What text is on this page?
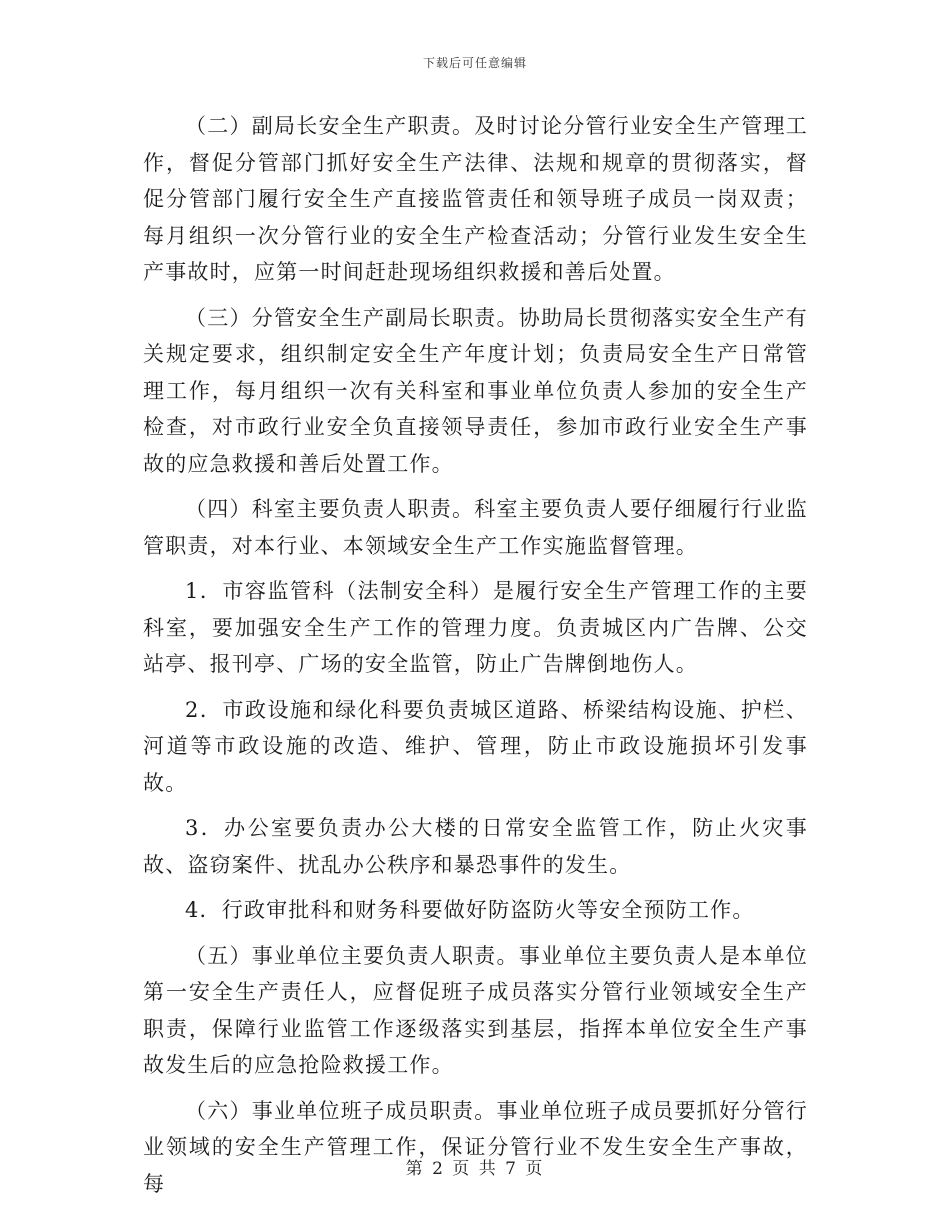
下载后可任意编辑

（二）副局长安全生产职责。及时讨论分管行业安全生产管理工作，督促分管部门抓好安全生产法律、法规和规章的贯彻落实，督促分管部门履行安全生产直接监管责任和领导班子成员一岗双责；每月组织一次分管行业的安全生产检查活动；分管行业发生安全生产事故时，应第一时间赶赴现场组织救援和善后处置。

（三）分管安全生产副局长职责。协助局长贯彻落实安全生产有关规定要求，组织制定安全生产年度计划；负责局安全生产日常管理工作，每月组织一次有关科室和事业单位负责人参加的安全生产检查，对市政行业安全负直接领导责任，参加市政行业安全生产事故的应急救援和善后处置工作。

（四）科室主要负责人职责。科室主要负责人要仔细履行行业监管职责，对本行业、本领域安全生产工作实施监督管理。

1．市容监管科（法制安全科）是履行安全生产管理工作的主要科室，要加强安全生产工作的管理力度。负责城区内广告牌、公交站亭、报刊亭、广场的安全监管，防止广告牌倒地伤人。

2．市政设施和绿化科要负责城区道路、桥梁结构设施、护栏、河道等市政设施的改造、维护、管理，防止市政设施损坏引发事故。

3．办公室要负责办公大楼的日常安全监管工作，防止火灾事故、盗窃案件、扰乱办公秩序和暴恐事件的发生。

4．行政审批科和财务科要做好防盗防火等安全预防工作。

（五）事业单位主要负责人职责。事业单位主要负责人是本单位第一安全生产责任人，应督促班子成员落实分管行业领域安全生产职责，保障行业监管工作逐级落实到基层，指挥本单位安全生产事故发生后的应急抢险救援工作。

（六）事业单位班子成员职责。事业单位班子成员要抓好分管行业领域的安全生产管理工作，保证分管行业不发生安全生产事故，每

第 2 页 共 7 页
